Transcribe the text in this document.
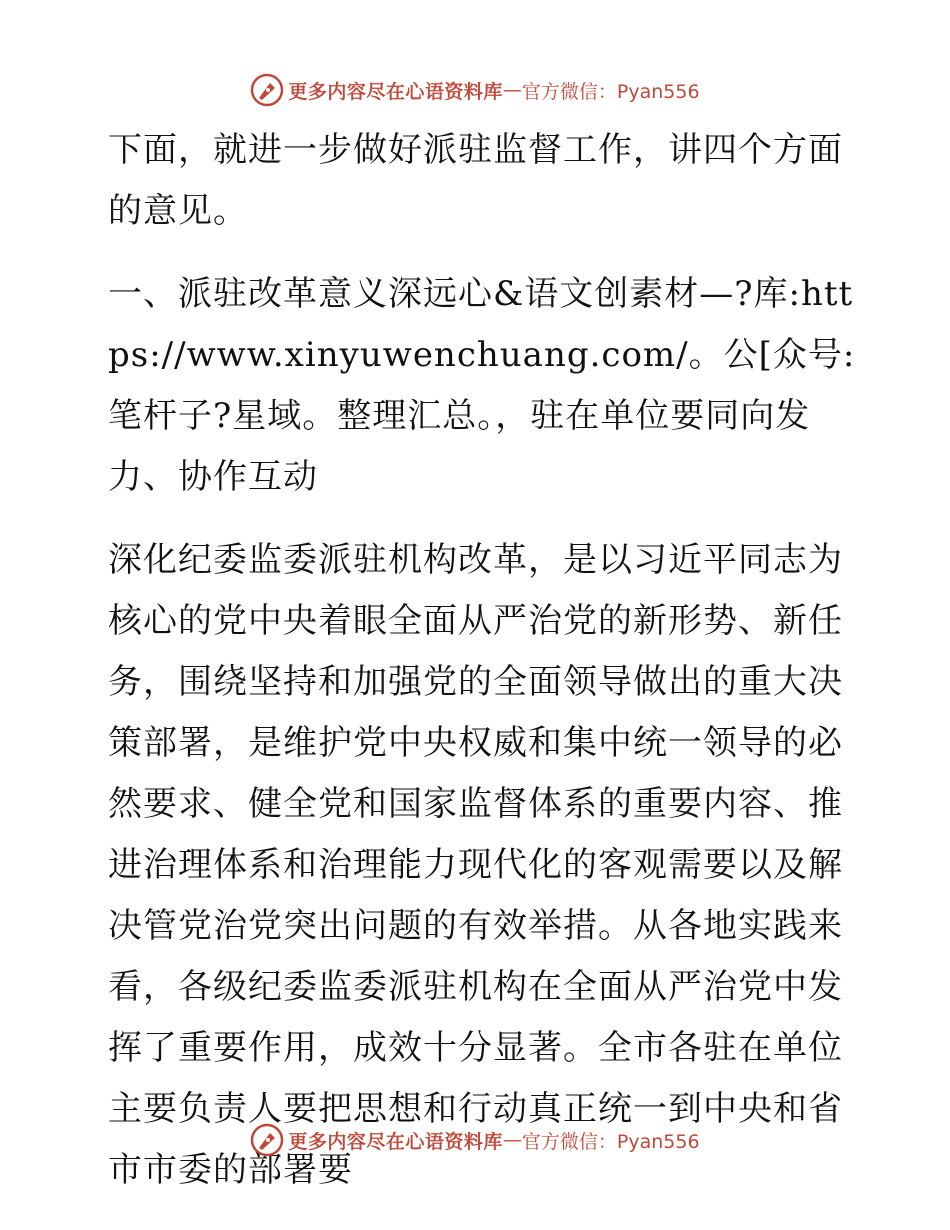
更多内容尽在心语资料库 — 官方微信：Pyan556

下面，就进一步做好派驻监督工作，讲四个方面的意见。

一、派驻改革意义深远心&语文创素材—?库:https://www.xinyuwenchuang.com/。公[众号: 笔杆子?星域。整理汇总。，驻在单位要同向发力、协作互动

深化纪委监委派驻机构改革，是以习近平同志为核心的党中央着眼全面从严治党的新形势、新任务，围绕坚持和加强党的全面领导做出的重大决策部署，是维护党中央权威和集中统一领导的必然要求、健全党和国家监督体系的重要内容、推进治理体系和治理能力现代化的客观需要以及解决管党治党突出问题的有效举措。从各地实践来看，各级纪委监委派驻机构在全面从严治党中发挥了重要作用，成效十分显著。全市各驻在单位主要负责人要把思想和行动真正统一到中央和省市市委的部署要

更多内容尽在心语资料库 — 官方微信：Pyan556
